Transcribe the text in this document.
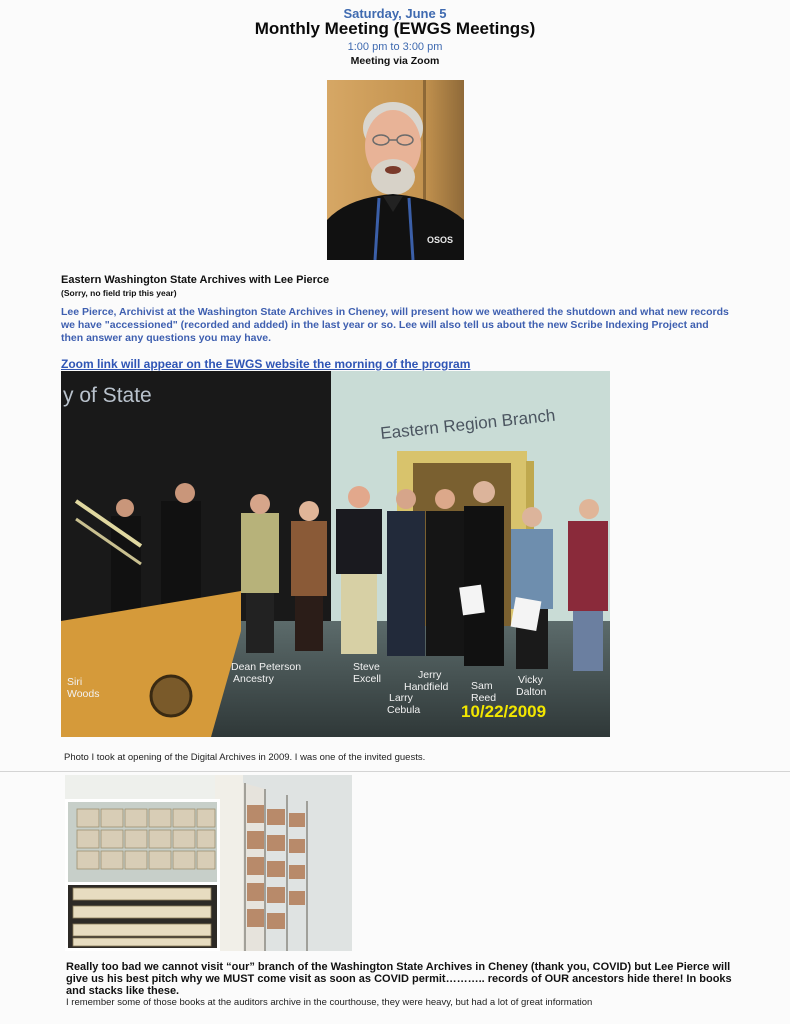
Saturday, June 5
Monthly Meeting (EWGS Meetings)
1:00 pm to 3:00 pm
Meeting via Zoom
OSOS
Eastern Washington State Archives with Lee Pierce
(Sorry, no field trip this year)
Lee Pierce, Archivist at the Washington State Archives in Cheney, will present how we weathered the shutdown and what new records we have "accessioned" (recorded and added) in the last year or so. Lee will also tell us about the new Scribe Indexing Project and then answer any questions you may have.
Zoom link will appear on the EWGS website the morning of the program
y of State
Eastern Region Branch
Siri Woods
Dean Peterson Ancestry
Steve Excell
Larry Cebula
Jerry Handfield Sam Reed
Vicky Dalton
10/22/2009
Photo I took at opening of the Digital Archives in 2009. I was one of the invited guests.
Really too bad we cannot visit “our” branch of the Washington State Archives in Cheney (thank you, COVID) but Lee Pierce will give us his best pitch why we MUST come visit as soon as COVID permit……….. records of OUR ancestors hide there! In books and stacks like these.
I remember some of those books at the auditors archive in the courthouse, they were heavy, but had a lot of great information
